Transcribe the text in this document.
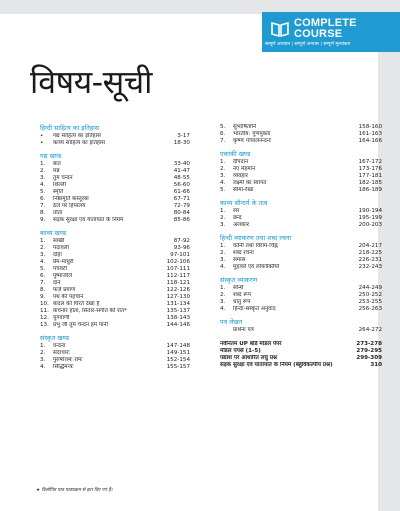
COMPLETE
COURSE
सम्पूर्ण अध्ययन | सम्पूर्ण अभ्यास | सम्पूर्ण मूल्यांकन
विषय-सूची
हिन्दी साहित्य का इतिहास
•	गद्य साहित्य का इतिहास	3-17
•	काव्य साहित्य का इतिहास	18-30
गद्य खण्ड
1.	बात	33-40
2.	मन्न	41-47
3.	तुम चन्दन	48-55
4.	शिल्ली	56-60
5.	स्मृति	61-66
6.	निष्ठामूर्ति कस्तूरबा	67-71
7.	ठेले पर हिमालय	72-79
8.	तोता	80-84
9.	सड़क सुरक्षा एवं यातायात के नियम	85-86
काव्य खण्ड
1.	साखी	87-92
2.	पदावली	93-96
3.	दोहा	97-101
4.	प्रेम-माधुरी	102-106
5.	पंचवटी	107-111
6.	पुष्पांजलि	112-117
7.	दान	118-121
8.	फर्ज़ प्रयाण	122-126
9.	पथ की पहचान	127-130
10. बादल को घिरते देखा है	131-134
11. कचनार होता, सितार-संगीत की रात*	135-137
12. युगवाणी	138-143
13. प्रभु जी तुम चन्दन हम पानी	144-146
संस्कृत खण्ड
1.	वन्दना	147-148
2.	सदाचारः	149-151
3.	पुरुषोत्तमः रामः	152-154
4.	सिद्धिमन्त्रः	155-157
5.	सुभाषितानि	158-160
6.	भारतीय: गुणमुक्ता	161-163
7.	कृष्णः गोपालनन्दनः	164-166
एकांकी खण्ड
1.	दीपदान	167-172
2.	नए मेहमान	173-176
3.	व्यवहार	177-181
4.	लक्ष्मी का स्वागत	182-185
5.	सीमा-रेखा	186-189
काव्य सौन्दर्य के तत्व
1.	रस	190-194
2.	छन्द	195-199
3.	अलंकार	200-203
हिन्दी व्याकरण तथा शब्द रचना
1.	वर्तनी तथा विराम-चिह्न	204-217
2.	शब्द रचना	218-225
3.	समास	226-231
4.	मुहावरे एवं लोकोक्तियाँ	232-243
संस्कृत व्याकरण
1.	सन्धि	244-249
2.	शब्द रूप	250-252
3.	धातु रूप	253-255
4.	हिन्दी-संस्कृत अनुवाद	256-263
पत्र लेखन
प्रार्थना पत्र	264-272
नवीनतम UP बोर्ड मॉडल पेपर	273-278
मॉडल पेपर्स (1-5)	279-295
पद्यांश पर आधारित लघु प्रश्न	299-309
सड़क सुरक्षा एवं यातायात के नियम (बहुविकल्पीय प्रश्न)	310
★ विलोपित पाठ पाठ्यक्रम से हटा दिए गए हैं।
